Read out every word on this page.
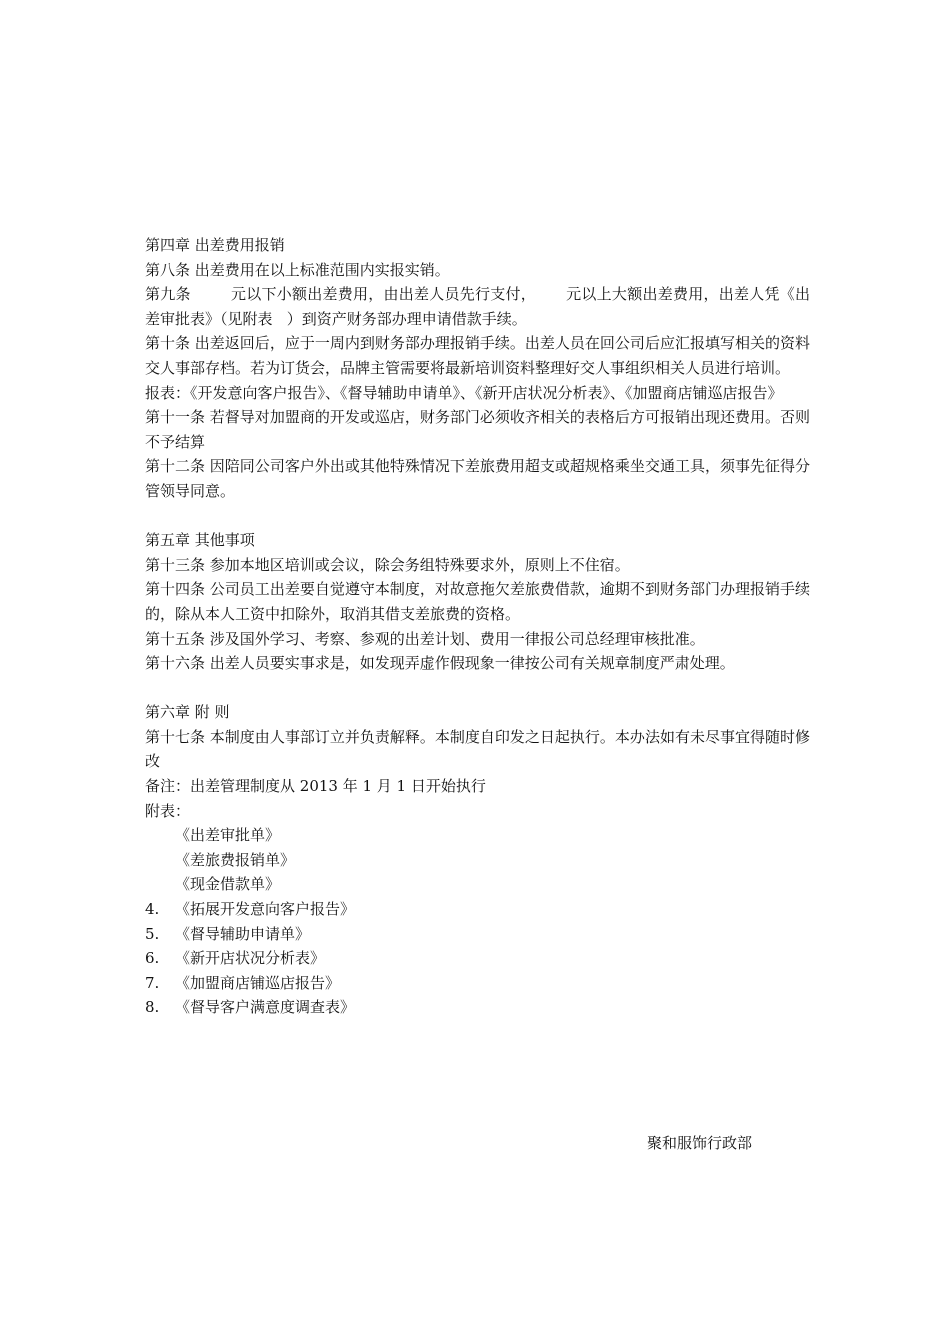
第四章 出差费用报销
第八条 出差费用在以上标准范围内实报实销。
第九条        元以下小额出差费用，由出差人员先行支付，      元以上大额出差费用，出差人凭《出差审批表》（见附表   ）到资产财务部办理申请借款手续。
第十条 出差返回后，应于一周内到财务部办理报销手续。出差人员在回公司后应汇报填写相关的资料交人事部存档。若为订货会，品牌主管需要将最新培训资料整理好交人事组织相关人员进行培训。
报表：《开发意向客户报告》、《督导辅助申请单》、《新开店状况分析表》、《加盟商店铺巡店报告》
第十一条 若督导对加盟商的开发或巡店，财务部门必须收齐相关的表格后方可报销出现还费用。否则不予结算
第十二条 因陪同公司客户外出或其他特殊情况下差旅费用超支或超规格乘坐交通工具，须事先征得分管领导同意。
第五章 其他事项
第十三条 参加本地区培训或会议，除会务组特殊要求外，原则上不住宿。
第十四条 公司员工出差要自觉遵守本制度，对故意拖欠差旅费借款，逾期不到财务部门办理报销手续的，除从本人工资中扣除外，取消其借支差旅费的资格。
第十五条 涉及国外学习、考察、参观的出差计划、费用一律报公司总经理审核批准。
第十六条 出差人员要实事求是，如发现弄虚作假现象一律按公司有关规章制度严肃处理。
第六章 附 则
第十七条 本制度由人事部订立并负责解释。本制度自印发之日起执行。本办法如有未尽事宜得随时修改
备注：出差管理制度从 2013 年 1 月 1 日开始执行
附表：
《出差审批单》
《差旅费报销单》
《现金借款单》
4. 《拓展开发意向客户报告》
5. 《督导辅助申请单》
6. 《新开店状况分析表》
7. 《加盟商店铺巡店报告》
8. 《督导客户满意度调查表》
聚和服饰行政部
